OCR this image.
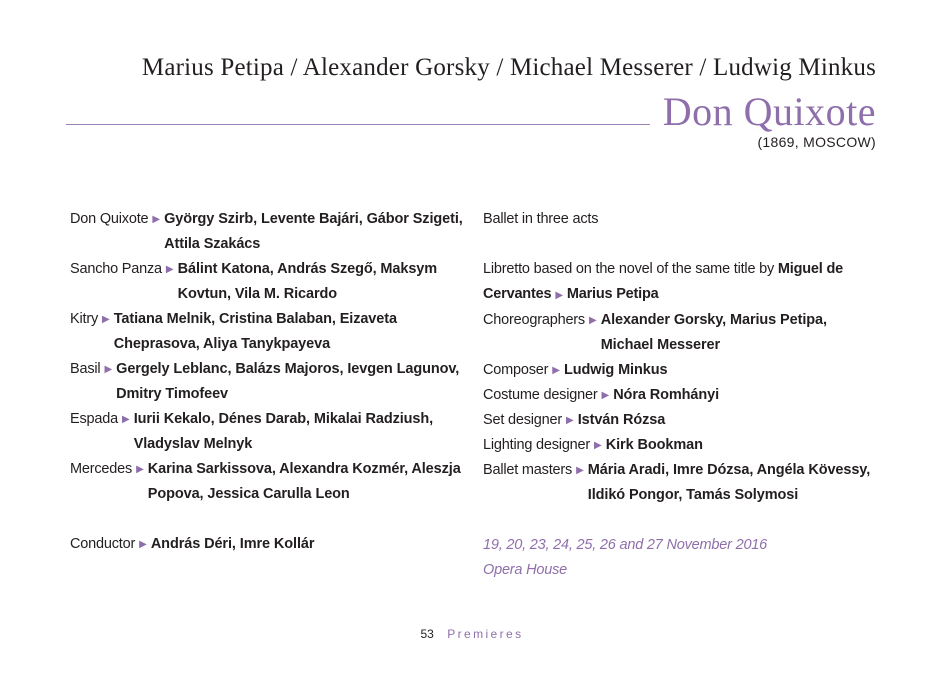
Marius Petipa / Alexander Gorsky / Michael Messerer / Ludwig Minkus
Don Quixote
(1869, MOSCOW)
Don Quixote ▶ György Szirb, Levente Bajári, Gábor Szigeti, Attila Szakács
Sancho Panza ▶ Bálint Katona, András Szegő, Maksym Kovtun, Vila M. Ricardo
Kitry ▶ Tatiana Melnik, Cristina Balaban, Eizaveta Cheprasova, Aliya Tanykpayeva
Basil ▶ Gergely Leblanc, Balázs Majoros, Ievgen Lagunov, Dmitry Timofeev
Espada ▶ Iurii Kekalo, Dénes Darab, Mikalai Radziush, Vladyslav Melnyk
Mercedes ▶ Karina Sarkissova, Alexandra Kozmér, Aleszja Popova, Jessica Carulla Leon
Conductor ▶ András Déri, Imre Kollár
Ballet in three acts
Libretto based on the novel of the same title by Miguel de Cervantes ▶ Marius Petipa
Choreographers ▶ Alexander Gorsky, Marius Petipa, Michael Messerer
Composer ▶ Ludwig Minkus
Costume designer ▶ Nóra Romhányi
Set designer ▶ István Rózsa
Lighting designer ▶ Kirk Bookman
Ballet masters ▶ Mária Aradi, Imre Dózsa, Angéla Kövessy, Ildikó Pongor, Tamás Solymosi
19, 20, 23, 24, 25, 26 and 27 November 2016
Opera House
53 Premieres
